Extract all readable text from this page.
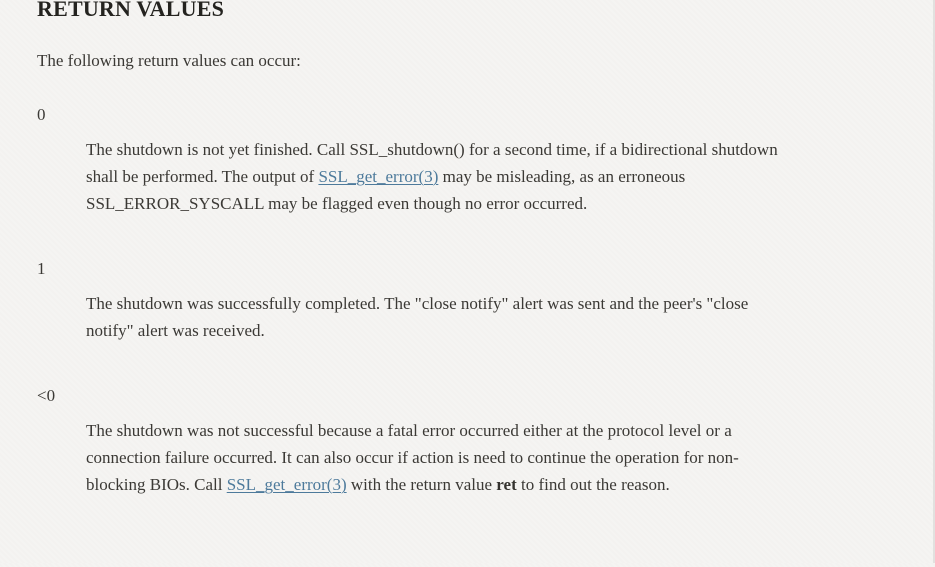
RETURN VALUES

The following return values can occur:

0
The shutdown is not yet finished. Call SSL_shutdown() for a second time, if a bidirectional shutdown shall be performed. The output of SSL_get_error(3) may be misleading, as an erroneous SSL_ERROR_SYSCALL may be flagged even though no error occurred.
1
The shutdown was successfully completed. The "close notify" alert was sent and the peer's "close notify" alert was received.
<0
The shutdown was not successful because a fatal error occurred either at the protocol level or a connection failure occurred. It can also occur if action is need to continue the operation for non-blocking BIOs. Call SSL_get_error(3) with the return value ret to find out the reason.
